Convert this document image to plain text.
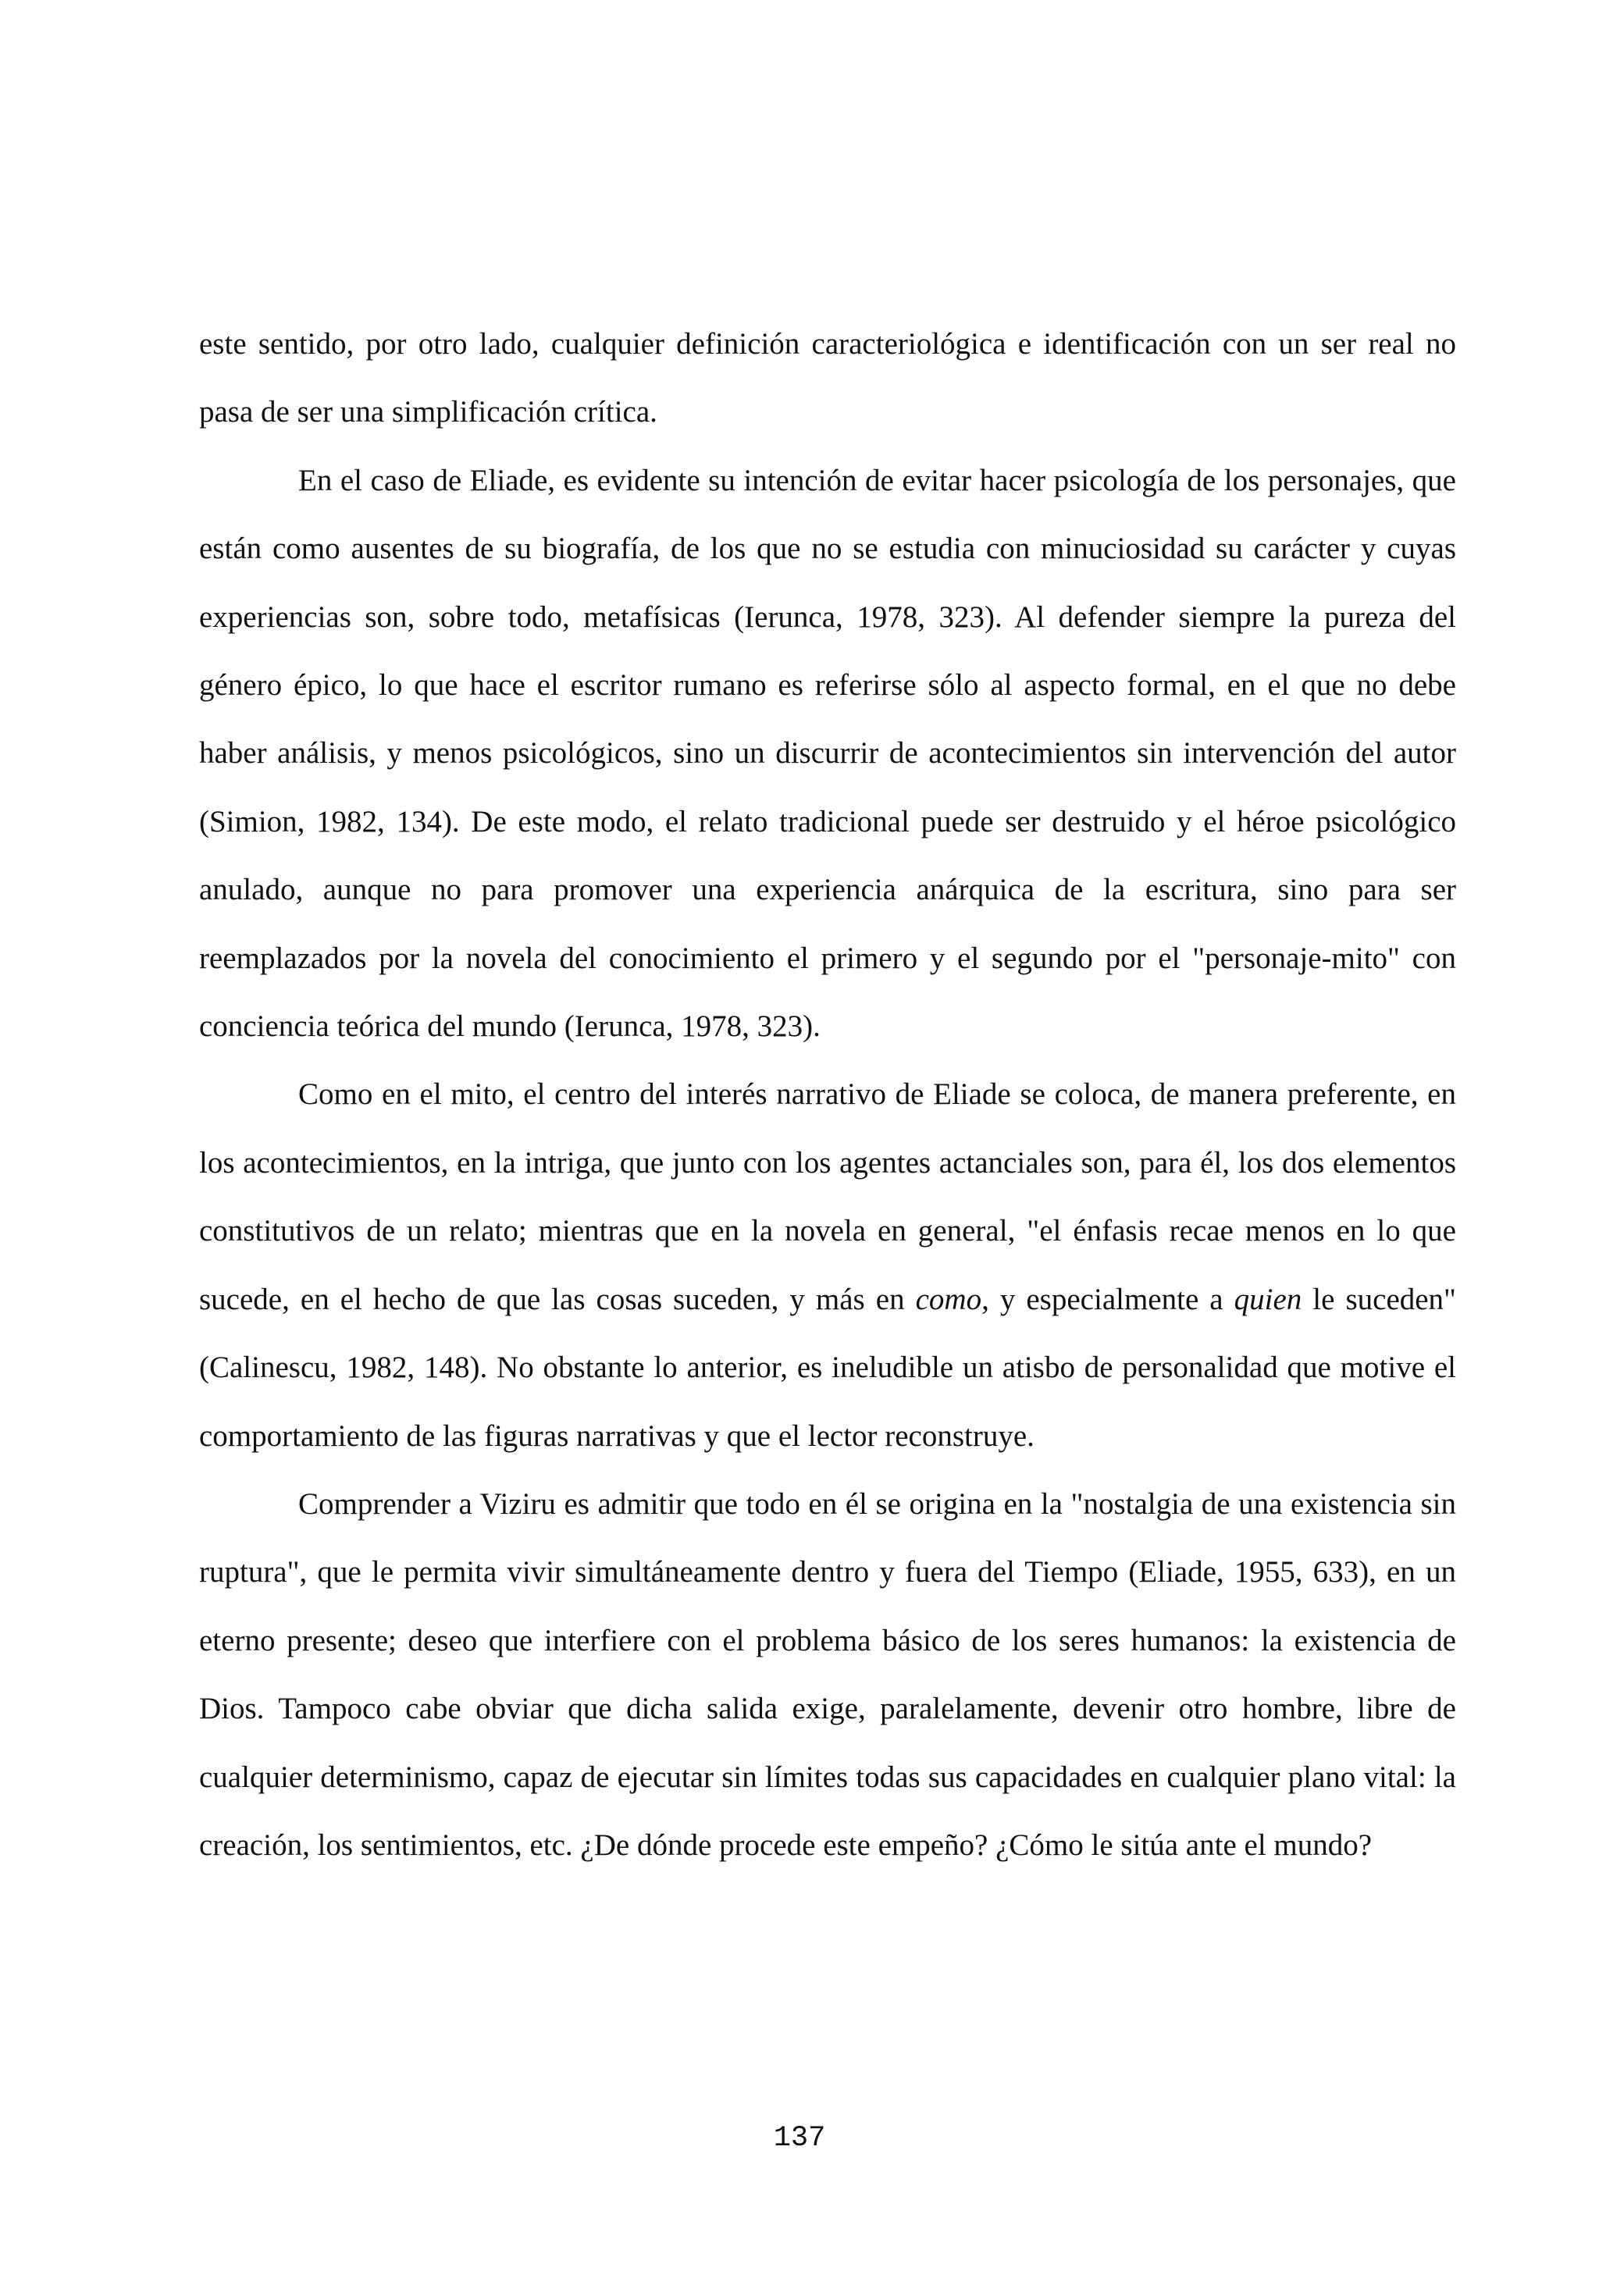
este sentido, por otro lado, cualquier definición caracteriológica e identificación con un ser real no pasa de ser una simplificación crítica.

En el caso de Eliade, es evidente su intención de evitar hacer psicología de los personajes, que están como ausentes de su biografía, de los que no se estudia con minuciosidad su carácter y cuyas experiencias son, sobre todo, metafísicas (Ierunca, 1978, 323). Al defender siempre la pureza del género épico, lo que hace el escritor rumano es referirse sólo al aspecto formal, en el que no debe haber análisis, y menos psicológicos, sino un discurrir de acontecimientos sin intervención del autor (Simion, 1982, 134). De este modo, el relato tradicional puede ser destruido y el héroe psicológico anulado, aunque no para promover una experiencia anárquica de la escritura, sino para ser reemplazados por la novela del conocimiento el primero y el segundo por el "personaje-mito" con conciencia teórica del mundo (Ierunca, 1978, 323).

Como en el mito, el centro del interés narrativo de Eliade se coloca, de manera preferente, en los acontecimientos, en la intriga, que junto con los agentes actanciales son, para él, los dos elementos constitutivos de un relato; mientras que en la novela en general, "el énfasis recae menos en lo que sucede, en el hecho de que las cosas suceden, y más en como, y especialmente a quien le suceden" (Calinescu, 1982, 148). No obstante lo anterior, es ineludible un atisbo de personalidad que motive el comportamiento de las figuras narrativas y que el lector reconstruye.

Comprender a Viziru es admitir que todo en él se origina en la "nostalgia de una existencia sin ruptura", que le permita vivir simultáneamente dentro y fuera del Tiempo (Eliade, 1955, 633), en un eterno presente; deseo que interfiere con el problema básico de los seres humanos: la existencia de Dios. Tampoco cabe obviar que dicha salida exige, paralelamente, devenir otro hombre, libre de cualquier determinismo, capaz de ejecutar sin límites todas sus capacidades en cualquier plano vital: la creación, los sentimientos, etc. ¿De dónde procede este empeño? ¿Cómo le sitúa ante el mundo?

137
